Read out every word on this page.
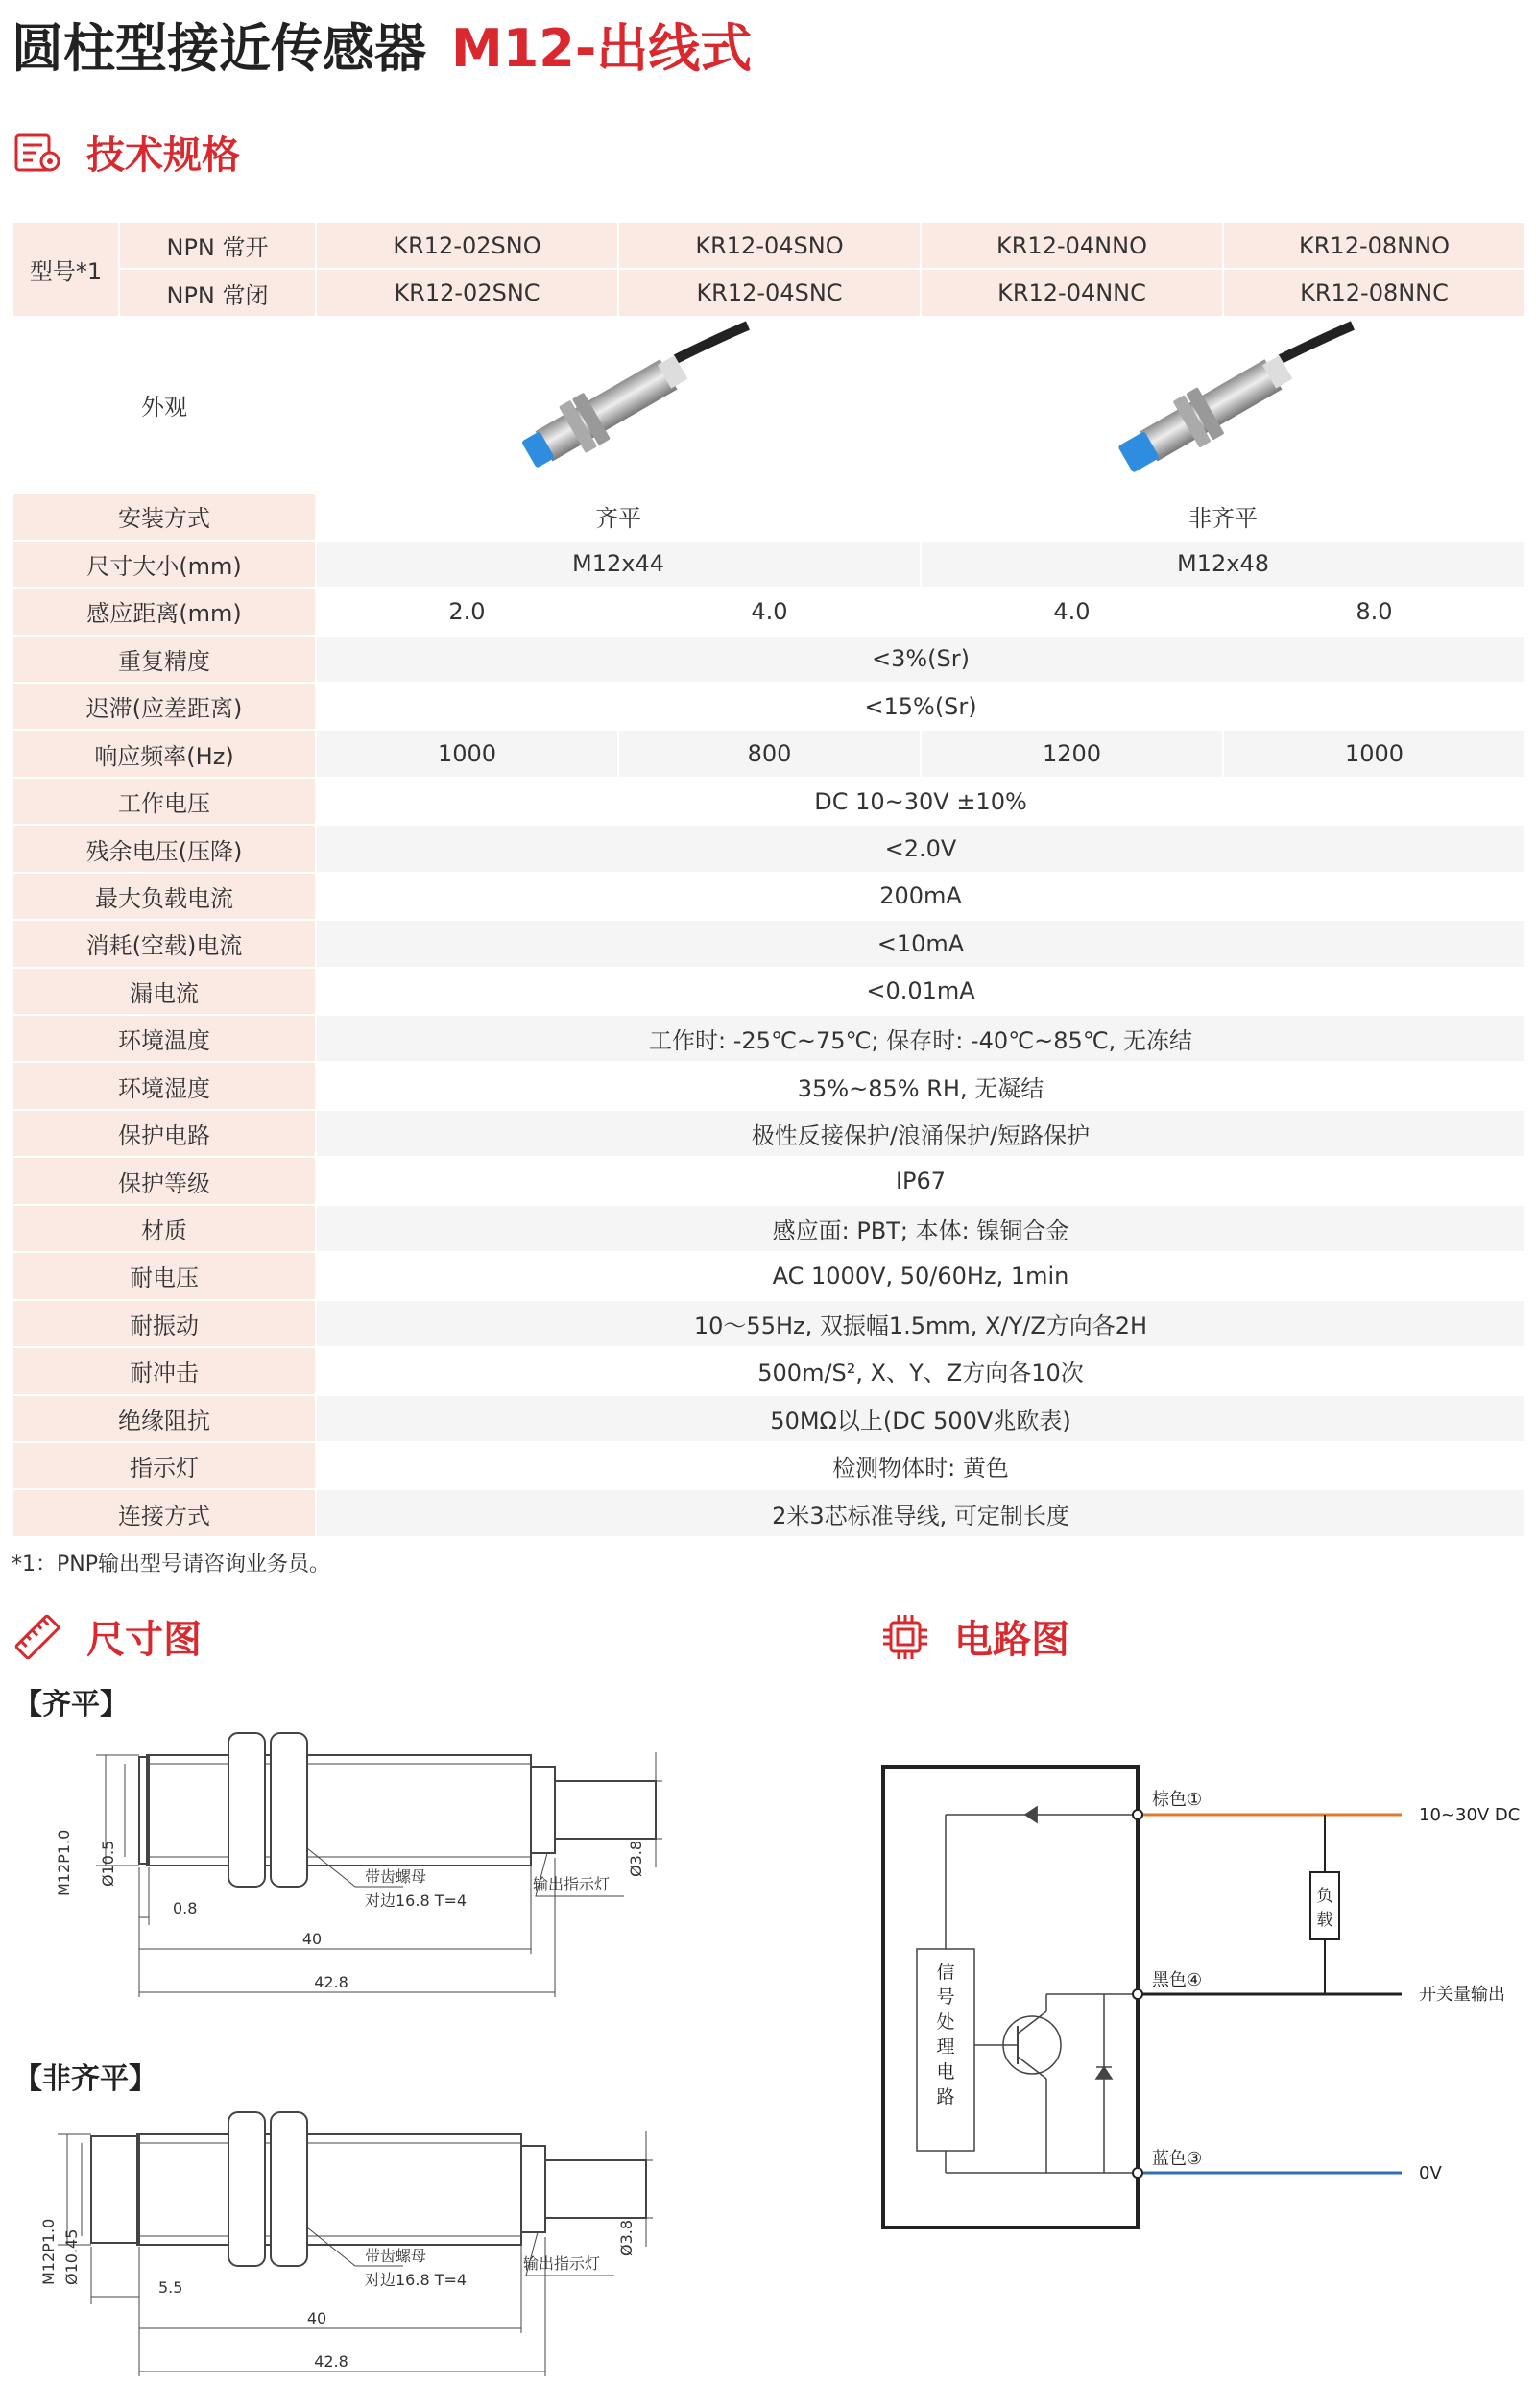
圆柱型接近传感器 M12-出线式
技术规格
型号*1	NPN 常开	KR12-02SNO	KR12-04SNO	KR12-04NNO	KR12-08NNO
	NPN 常闭	KR12-02SNC	KR12-04SNC	KR12-04NNC	KR12-08NNC
外观		
安装方式		齐平		非齐平	
尺寸大小(mm)		M12x44		M12x48	
感应距离(mm)		2.0	4.0	4.0	8.0
重复精度		<3%(Sr)			
迟滞(应差距离)		<15%(Sr)			
响应频率(Hz)		1000	800	1200	1000
工作电压		DC 10~30V ±10%			
残余电压(压降)		<2.0V			
最大负载电流		200mA			
消耗(空载)电流		<10mA			
漏电流		<0.01mA			
环境温度		工作时: -25℃~75℃; 保存时: -40℃~85℃, 无冻结			
环境湿度		35%~85% RH, 无凝结			
保护电路		极性反接保护/浪涌保护/短路保护			
保护等级		IP67			
材质		感应面: PBT; 本体: 镍铜合金			
耐电压		AC 1000V, 50/60Hz, 1min			
耐振动		10～55Hz, 双振幅1.5mm, X/Y/Z方向各2H			
耐冲击		500m/S², X、Y、Z方向各10次			
绝缘阻抗		50MΩ以上(DC 500V兆欧表)			
指示灯		检测物体时: 黄色			
连接方式		2米3芯标准导线, 可定制长度			
*1：PNP输出型号请咨询业务员。
尺寸图	电路图
【齐平】
M12P1.0 Ø10.5
0.8
40
42.8
带齿螺母
对边16.8 T=4
输出指示灯
Ø3.8
【非齐平】
M12P1.0 Ø10.45
5.5
40
42.8
带齿螺母
对边16.8 T=4
输出指示灯
Ø3.8
负
载
信
号
处
理
电
路
棕色①
黑色④
蓝色③
10~30V DC
开关量输出
0V
